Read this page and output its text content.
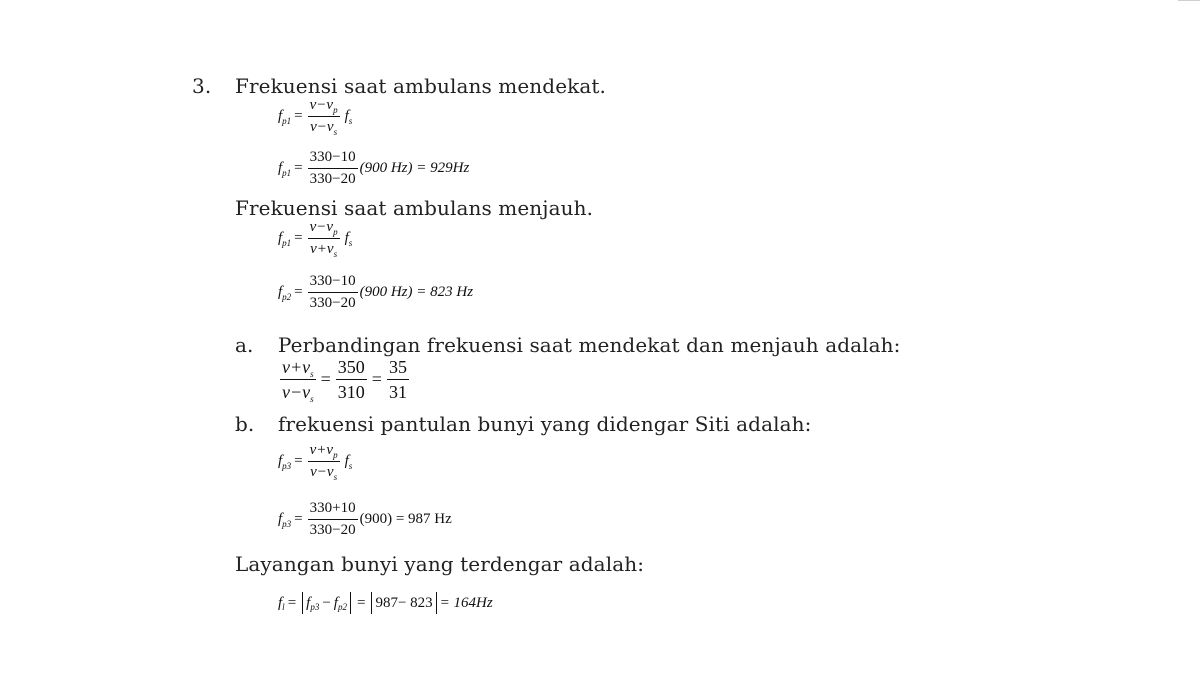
3. Frekuensi saat ambulans mendekat.
f $p1 = \frac{v-v_p}{v-v_s}$ f s
f $p1 = \frac{330-10}{330-20} (900$ Hz) = 929Hz
Frekuensi saat ambulans menjauh.
f $p1 = \frac{v-v_p}{v+v_s}$ f s
f $p2 = \frac{330-10}{330-20} (900$ Hz) = 823 Hz
a. Perbandingan frekuensi saat mendekat dan menjauh adalah:
$\frac{v+v_s}{v-v_s} = \frac{350}{310} = \frac{35}{31}$
b. frekuensi pantulan bunyi yang didengar Siti adalah:
f $p3 = \frac{v+v_p}{v-v_s}$ f s
f $p3 = \frac{330+10}{330-20} (900) = 987$ Hz
Layangan bunyi yang terdengar adalah:
f l = f p3 − f p2 = 987− 823 = 164Hz
